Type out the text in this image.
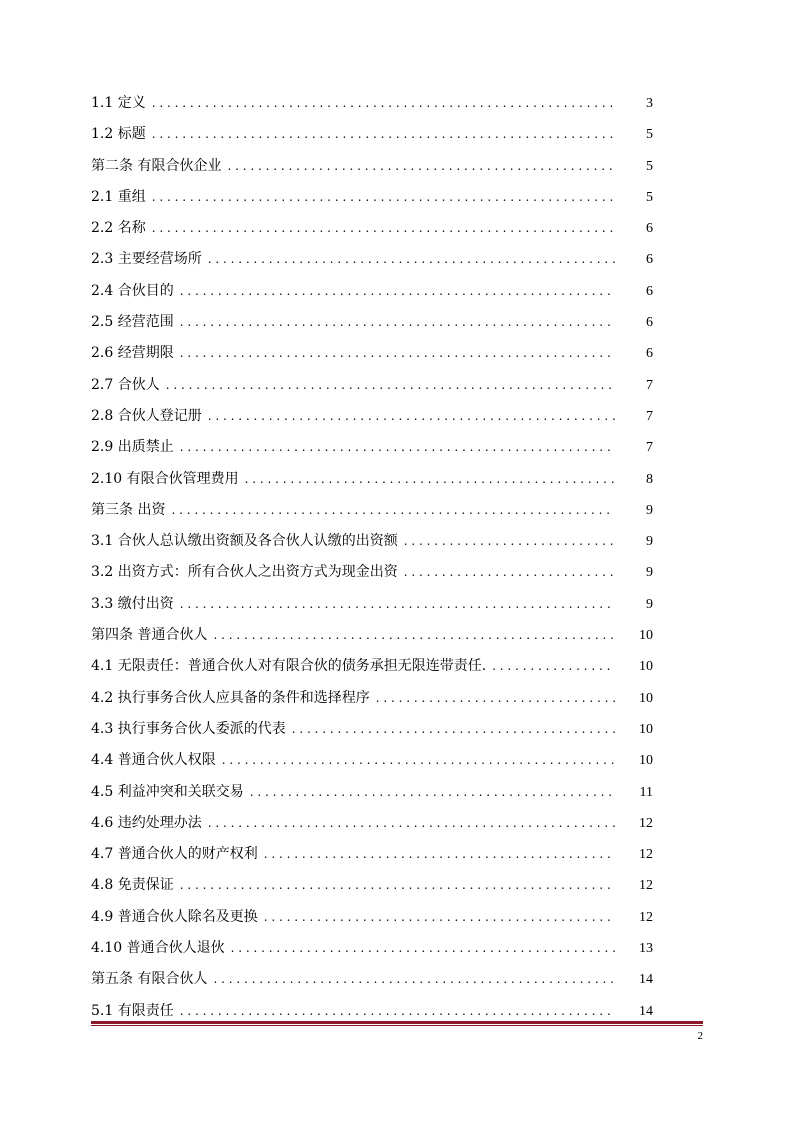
1.1 定义 . . .	3
1.2 标题 . . .	5
第二条 有限合伙企业 . . .	5
2.1 重组 . . .	5
2.2 名称 . . .	6
2.3 主要经营场所 . . .	6
2.4 合伙目的 . . .	6
2.5 经营范围 . . .	6
2.6 经营期限 . . .	6
2.7 合伙人 . . .	7
2.8 合伙人登记册 . . .	7
2.9 出质禁止 . . .	7
2.10 有限合伙管理费用 . . .	8
第三条 出资 . . .	9
3.1 合伙人总认缴出资额及各合伙人认缴的出资额 . . .	9
3.2 出资方式：所有合伙人之出资方式为现金出资 . . .	9
3.3 缴付出资 . . .	9
第四条 普通合伙人 . . .	10
4.1 无限责任：普通合伙人对有限合伙的债务承担无限连带责任. . . .	10
4.2 执行事务合伙人应具备的条件和选择程序 . . .	10
4.3 执行事务合伙人委派的代表 . . .	10
4.4 普通合伙人权限 . . .	10
4.5 利益冲突和关联交易 . . .	11
4.6 违约处理办法 . . .	12
4.7 普通合伙人的财产权利 . . .	12
4.8 免责保证 . . .	12
4.9 普通合伙人除名及更换 . . .	12
4.10 普通合伙人退伙 . . .	13
第五条 有限合伙人 . . .	14
5.1 有限责任 . . .	14
2
